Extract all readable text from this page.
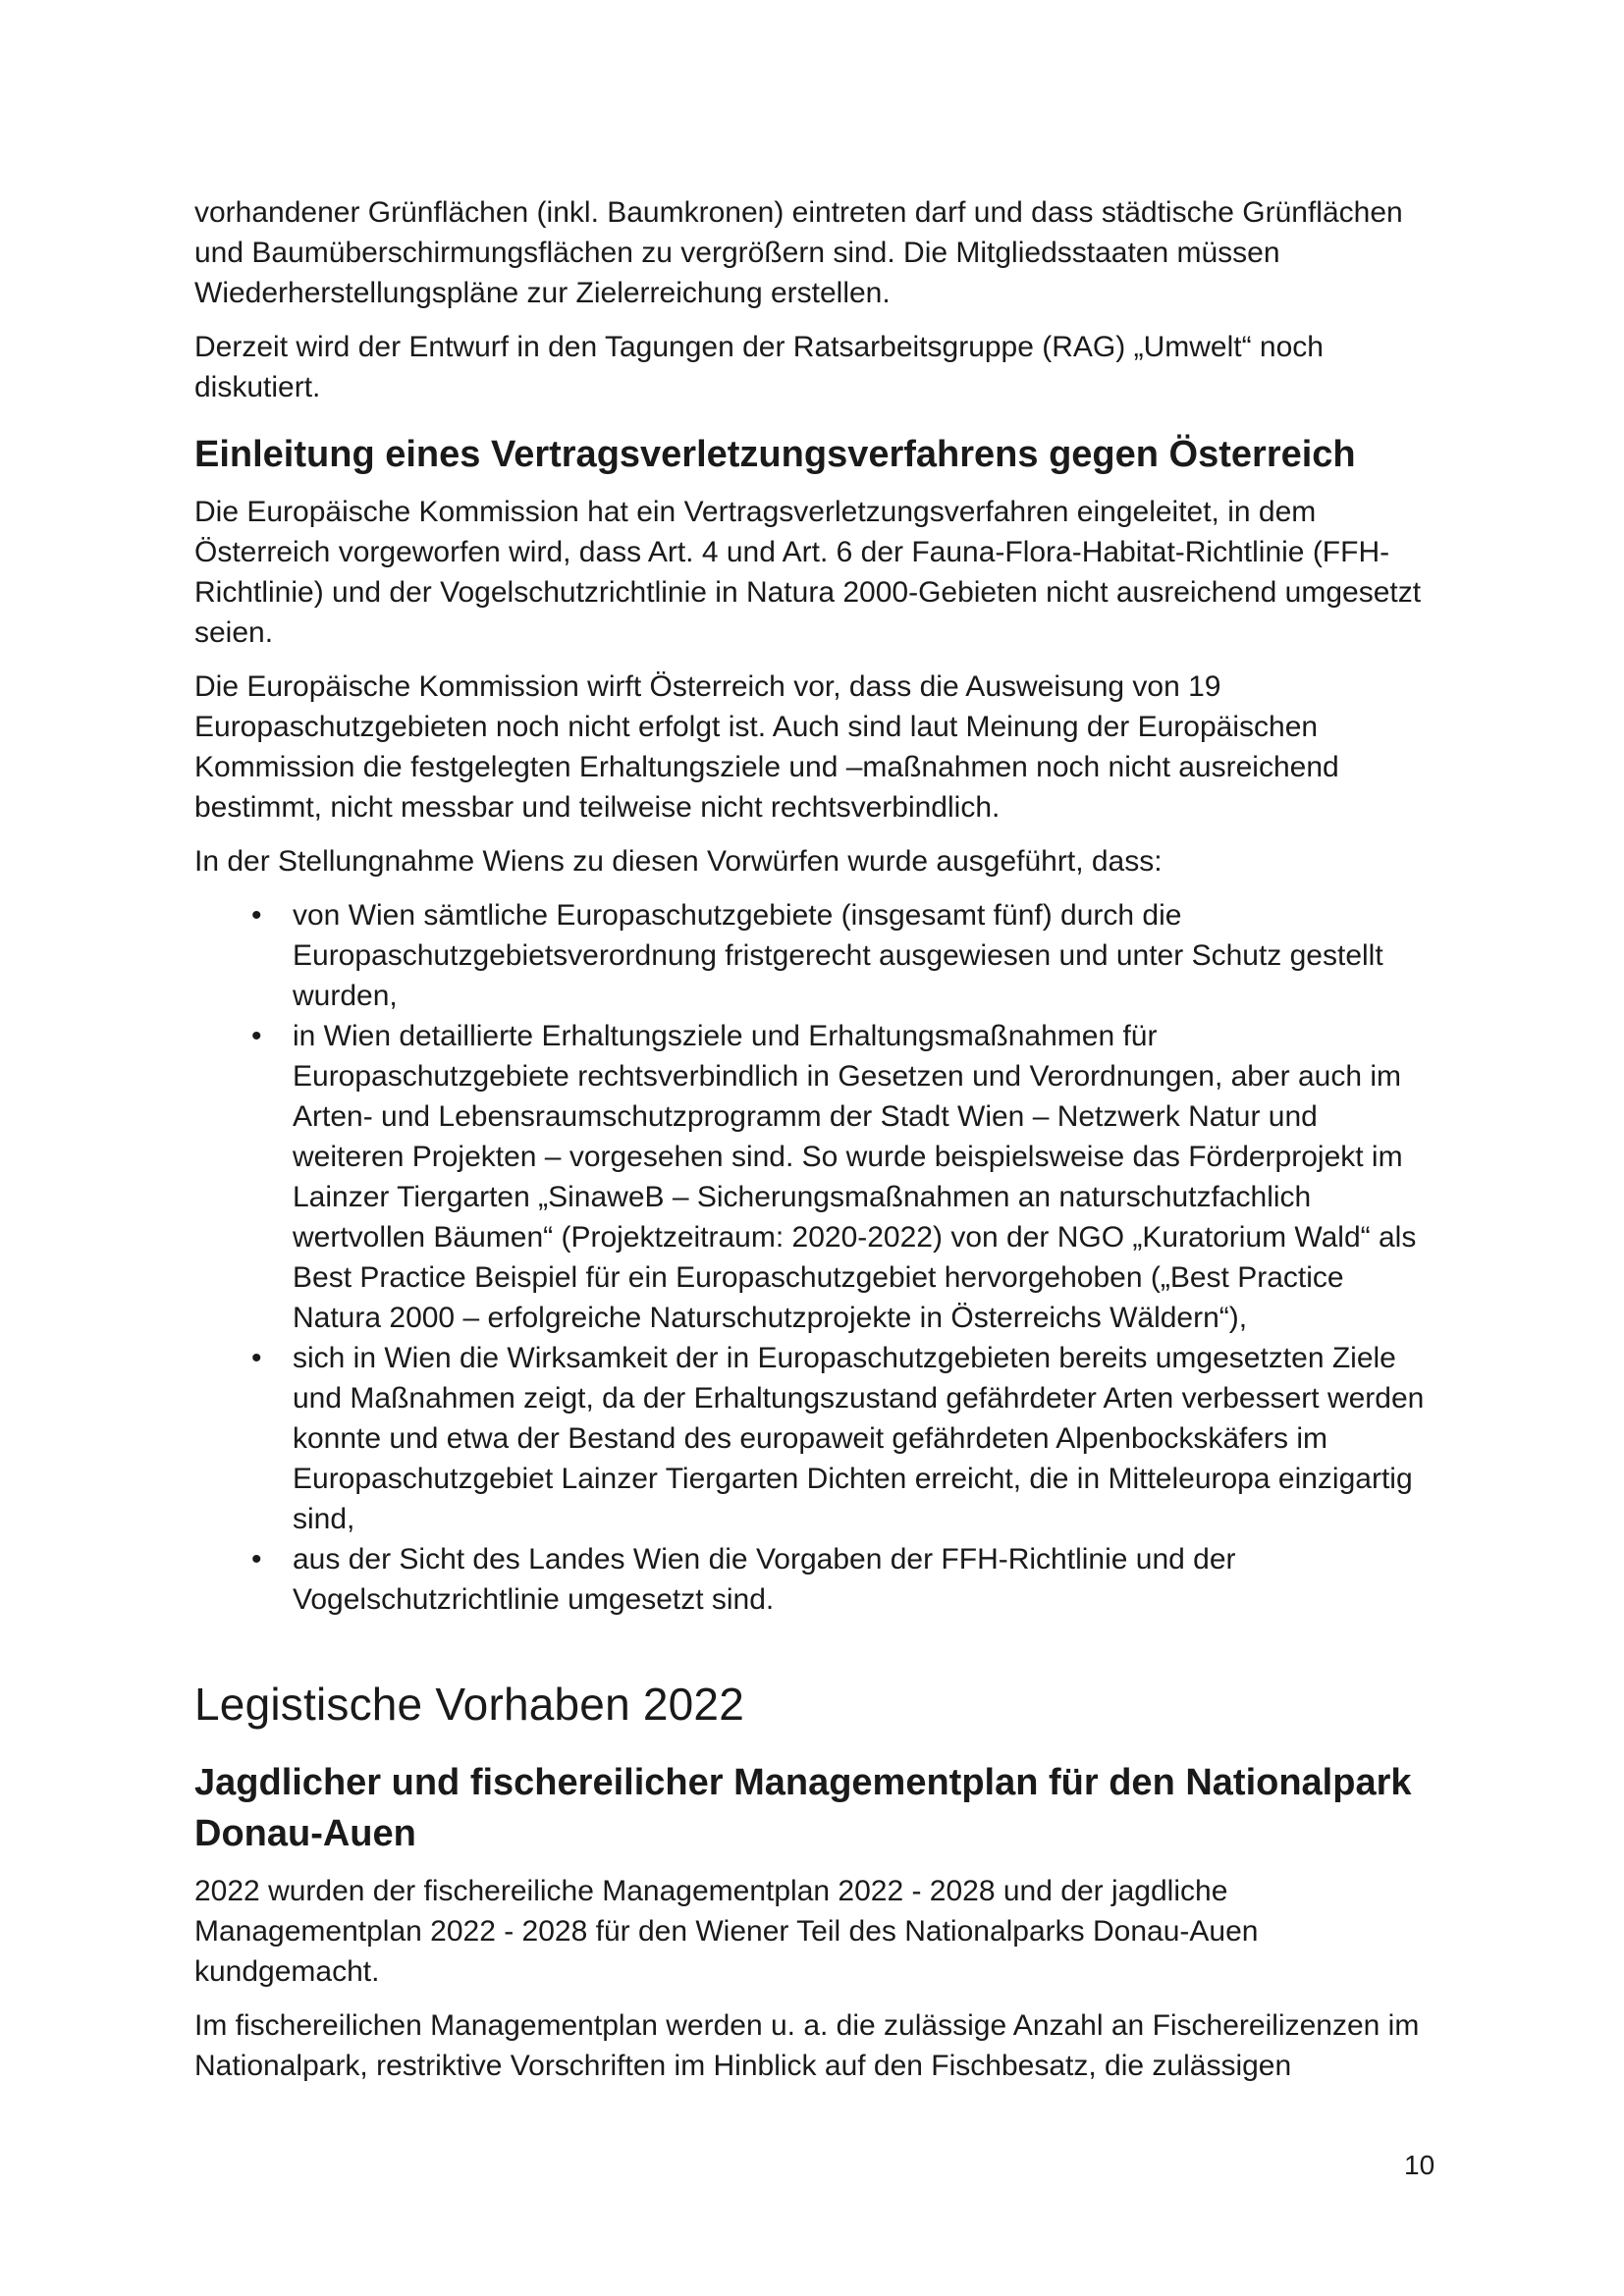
vorhandener Grünflächen (inkl. Baumkronen) eintreten darf und dass städtische Grünflächen und Baumüberschirmungsflächen zu vergrößern sind. Die Mitgliedsstaaten müssen Wiederherstellungspläne zur Zielerreichung erstellen.

Derzeit wird der Entwurf in den Tagungen der Ratsarbeitsgruppe (RAG) „Umwelt“ noch diskutiert.

Einleitung eines Vertragsverletzungsverfahrens gegen Österreich

Die Europäische Kommission hat ein Vertragsverletzungsverfahren eingeleitet, in dem Österreich vorgeworfen wird, dass Art. 4 und Art. 6 der Fauna-Flora-Habitat-Richtlinie (FFH-Richtlinie) und der Vogelschutzrichtlinie in Natura 2000-Gebieten nicht ausreichend umgesetzt seien.

Die Europäische Kommission wirft Österreich vor, dass die Ausweisung von 19 Europaschutzgebieten noch nicht erfolgt ist. Auch sind laut Meinung der Europäischen Kommission die festgelegten Erhaltungsziele und –maßnahmen noch nicht ausreichend bestimmt, nicht messbar und teilweise nicht rechtsverbindlich.

In der Stellungnahme Wiens zu diesen Vorwürfen wurde ausgeführt, dass:

• von Wien sämtliche Europaschutzgebiete (insgesamt fünf) durch die Europaschutzgebietsverordnung fristgerecht ausgewiesen und unter Schutz gestellt wurden,
• in Wien detaillierte Erhaltungsziele und Erhaltungsmaßnahmen für Europaschutzgebiete rechtsverbindlich in Gesetzen und Verordnungen, aber auch im Arten- und Lebensraumschutzprogramm der Stadt Wien – Netzwerk Natur und weiteren Projekten – vorgesehen sind. So wurde beispielsweise das Förderprojekt im Lainzer Tiergarten „SinaweB – Sicherungsmaßnahmen an naturschutzfachlich wertvollen Bäumen“ (Projektzeitraum: 2020-2022) von der NGO „Kuratorium Wald“ als Best Practice Beispiel für ein Europaschutzgebiet hervorgehoben („Best Practice Natura 2000 – erfolgreiche Naturschutzprojekte in Österreichs Wäldern“),
• sich in Wien die Wirksamkeit der in Europaschutzgebieten bereits umgesetzten Ziele und Maßnahmen zeigt, da der Erhaltungszustand gefährdeter Arten verbessert werden konnte und etwa der Bestand des europaweit gefährdeten Alpenbockskäfers im Europaschutzgebiet Lainzer Tiergarten Dichten erreicht, die in Mitteleuropa einzigartig sind,
• aus der Sicht des Landes Wien die Vorgaben der FFH-Richtlinie und der Vogelschutzrichtlinie umgesetzt sind.
Legistische Vorhaben 2022
Jagdlicher und fischereilicher Managementplan für den Nationalpark Donau-Auen

2022 wurden der fischereiliche Managementplan 2022 - 2028 und der jagdliche Managementplan 2022 - 2028 für den Wiener Teil des Nationalparks Donau-Auen kundgemacht.

Im fischereilichen Managementplan werden u. a. die zulässige Anzahl an Fischereilizenzen im Nationalpark, restriktive Vorschriften im Hinblick auf den Fischbesatz, die zulässigen

10
